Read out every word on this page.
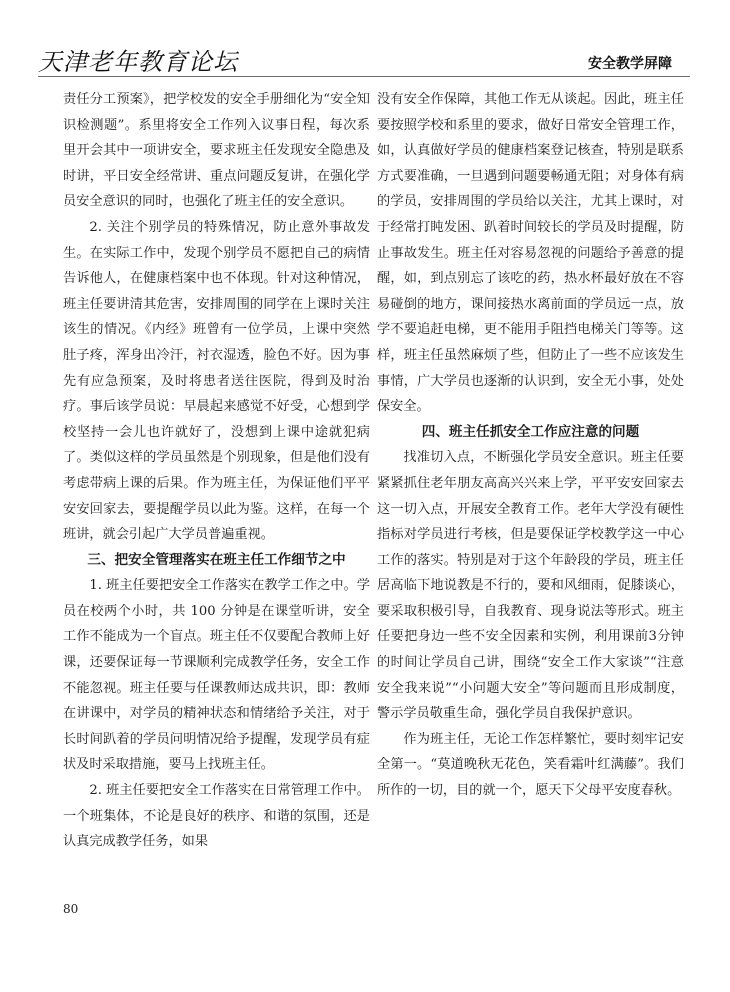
天津老年教育论坛	安全教学屏障

责任分工预案》，把学校发的安全手册细化为“安全知识检测题”。系里将安全工作列入议事日程，每次系里开会其中一项讲安全，要求班主任发现安全隐患及时讲，平日安全经常讲、重点问题反复讲，在强化学员安全意识的同时，也强化了班主任的安全意识。

2. 关注个别学员的特殊情况，防止意外事故发生。在实际工作中，发现个别学员不愿把自己的病情告诉他人，在健康档案中也不体现。针对这种情况，班主任要讲清其危害，安排周围的同学在上课时关注该生的情况。《内经》班曾有一位学员，上课中突然肚子疼，浑身出冷汗，衬衣湿透，脸色不好。因为事先有应急预案，及时将患者送往医院，得到及时治疗。事后该学员说：早晨起来感觉不好受，心想到学校坚持一会儿也许就好了，没想到上课中途就犯病了。类似这样的学员虽然是个别现象，但是他们没有考虑带病上课的后果。作为班主任，为保证他们平平安安回家去，要提醒学员以此为鉴。这样，在每一个班讲，就会引起广大学员普遍重视。

三、把安全管理落实在班主任工作细节之中

1. 班主任要把安全工作落实在教学工作之中。学员在校两个小时，共 100 分钟是在课堂听讲，安全工作不能成为一个盲点。班主任不仅要配合教师上好课，还要保证每一节课顺利完成教学任务，安全工作不能忽视。班主任要与任课教师达成共识，即：教师在讲课中，对学员的精神状态和情绪给予关注，对于长时间趴着的学员问明情况给予提醒，发现学员有症状及时采取措施，要马上找班主任。

2. 班主任要把安全工作落实在日常管理工作中。一个班集体，不论是良好的秩序、和谐的氛围，还是认真完成教学任务，如果

没有安全作保障，其他工作无从谈起。因此，班主任要按照学校和系里的要求，做好日常安全管理工作，如，认真做好学员的健康档案登记核查，特别是联系方式要准确，一旦遇到问题要畅通无阻；对身体有病的学员，安排周围的学员给以关注，尤其上课时，对于经常打盹发困、趴着时间较长的学员及时提醒，防止事故发生。班主任对容易忽视的问题给予善意的提醒，如，到点别忘了该吃的药，热水杯最好放在不容易碰倒的地方，课间接热水离前面的学员远一点，放学不要追赶电梯，更不能用手阻挡电梯关门等等。这样，班主任虽然麻烦了些，但防止了一些不应该发生事情，广大学员也逐渐的认识到，安全无小事，处处保安全。

四、班主任抓安全工作应注意的问题

找准切入点，不断强化学员安全意识。班主任要紧紧抓住老年朋友高高兴兴来上学，平平安安回家去这一切入点，开展安全教育工作。老年大学没有硬性指标对学员进行考核，但是要保证学校教学这一中心工作的落实。特别是对于这个年龄段的学员，班主任居高临下地说教是不行的，要和风细雨，促膝谈心，要采取积极引导，自我教育、现身说法等形式。班主任要把身边一些不安全因素和实例，利用课前3分钟的时间让学员自己讲，围绕“安全工作大家谈”“注意安全我来说”“小问题大安全”等问题而且形成制度，警示学员敬重生命，强化学员自我保护意识。

作为班主任，无论工作怎样繁忙，要时刻牢记安全第一。“莫道晚秋无花色，笑看霜叶红满藤”。我们所作的一切，目的就一个，愿天下父母平安度春秋。

80
